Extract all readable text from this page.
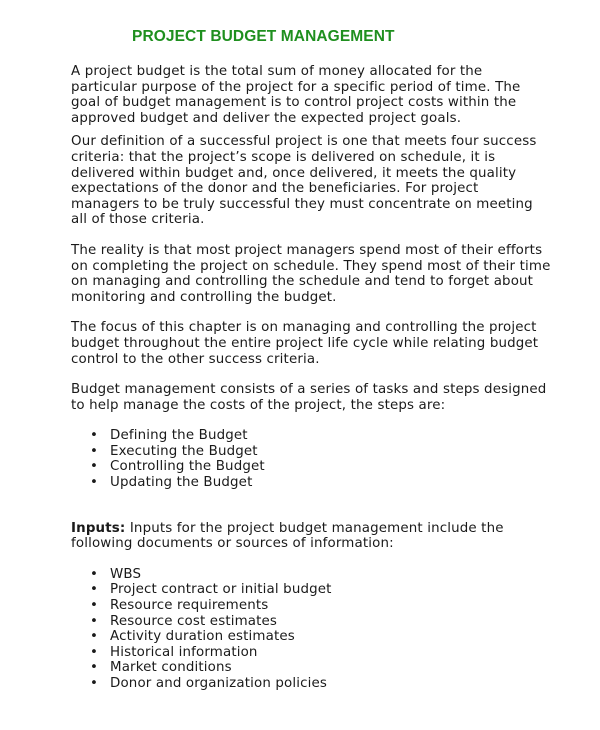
PROJECT BUDGET MANAGEMENT

A project budget is the total sum of money allocated for the particular purpose of the project for a specific period of time. The goal of budget management is to control project costs within the approved budget and deliver the expected project goals.

Our definition of a successful project is one that meets four success criteria: that the project’s scope is delivered on schedule, it is delivered within budget and, once delivered, it meets the quality expectations of the donor and the beneficiaries. For project managers to be truly successful they must concentrate on meeting all of those criteria.

The reality is that most project managers spend most of their efforts on completing the project on schedule. They spend most of their time on managing and controlling the schedule and tend to forget about monitoring and controlling the budget.

The focus of this chapter is on managing and controlling the project budget throughout the entire project life cycle while relating budget control to the other success criteria.

Budget management consists of a series of tasks and steps designed to help manage the costs of the project, the steps are:

• Defining the Budget
• Executing the Budget
• Controlling the Budget
• Updating the Budget

Inputs: Inputs for the project budget management include the following documents or sources of information:

• WBS
• Project contract or initial budget
• Resource requirements
• Resource cost estimates
• Activity duration estimates
• Historical information
• Market conditions
• Donor and organization policies
